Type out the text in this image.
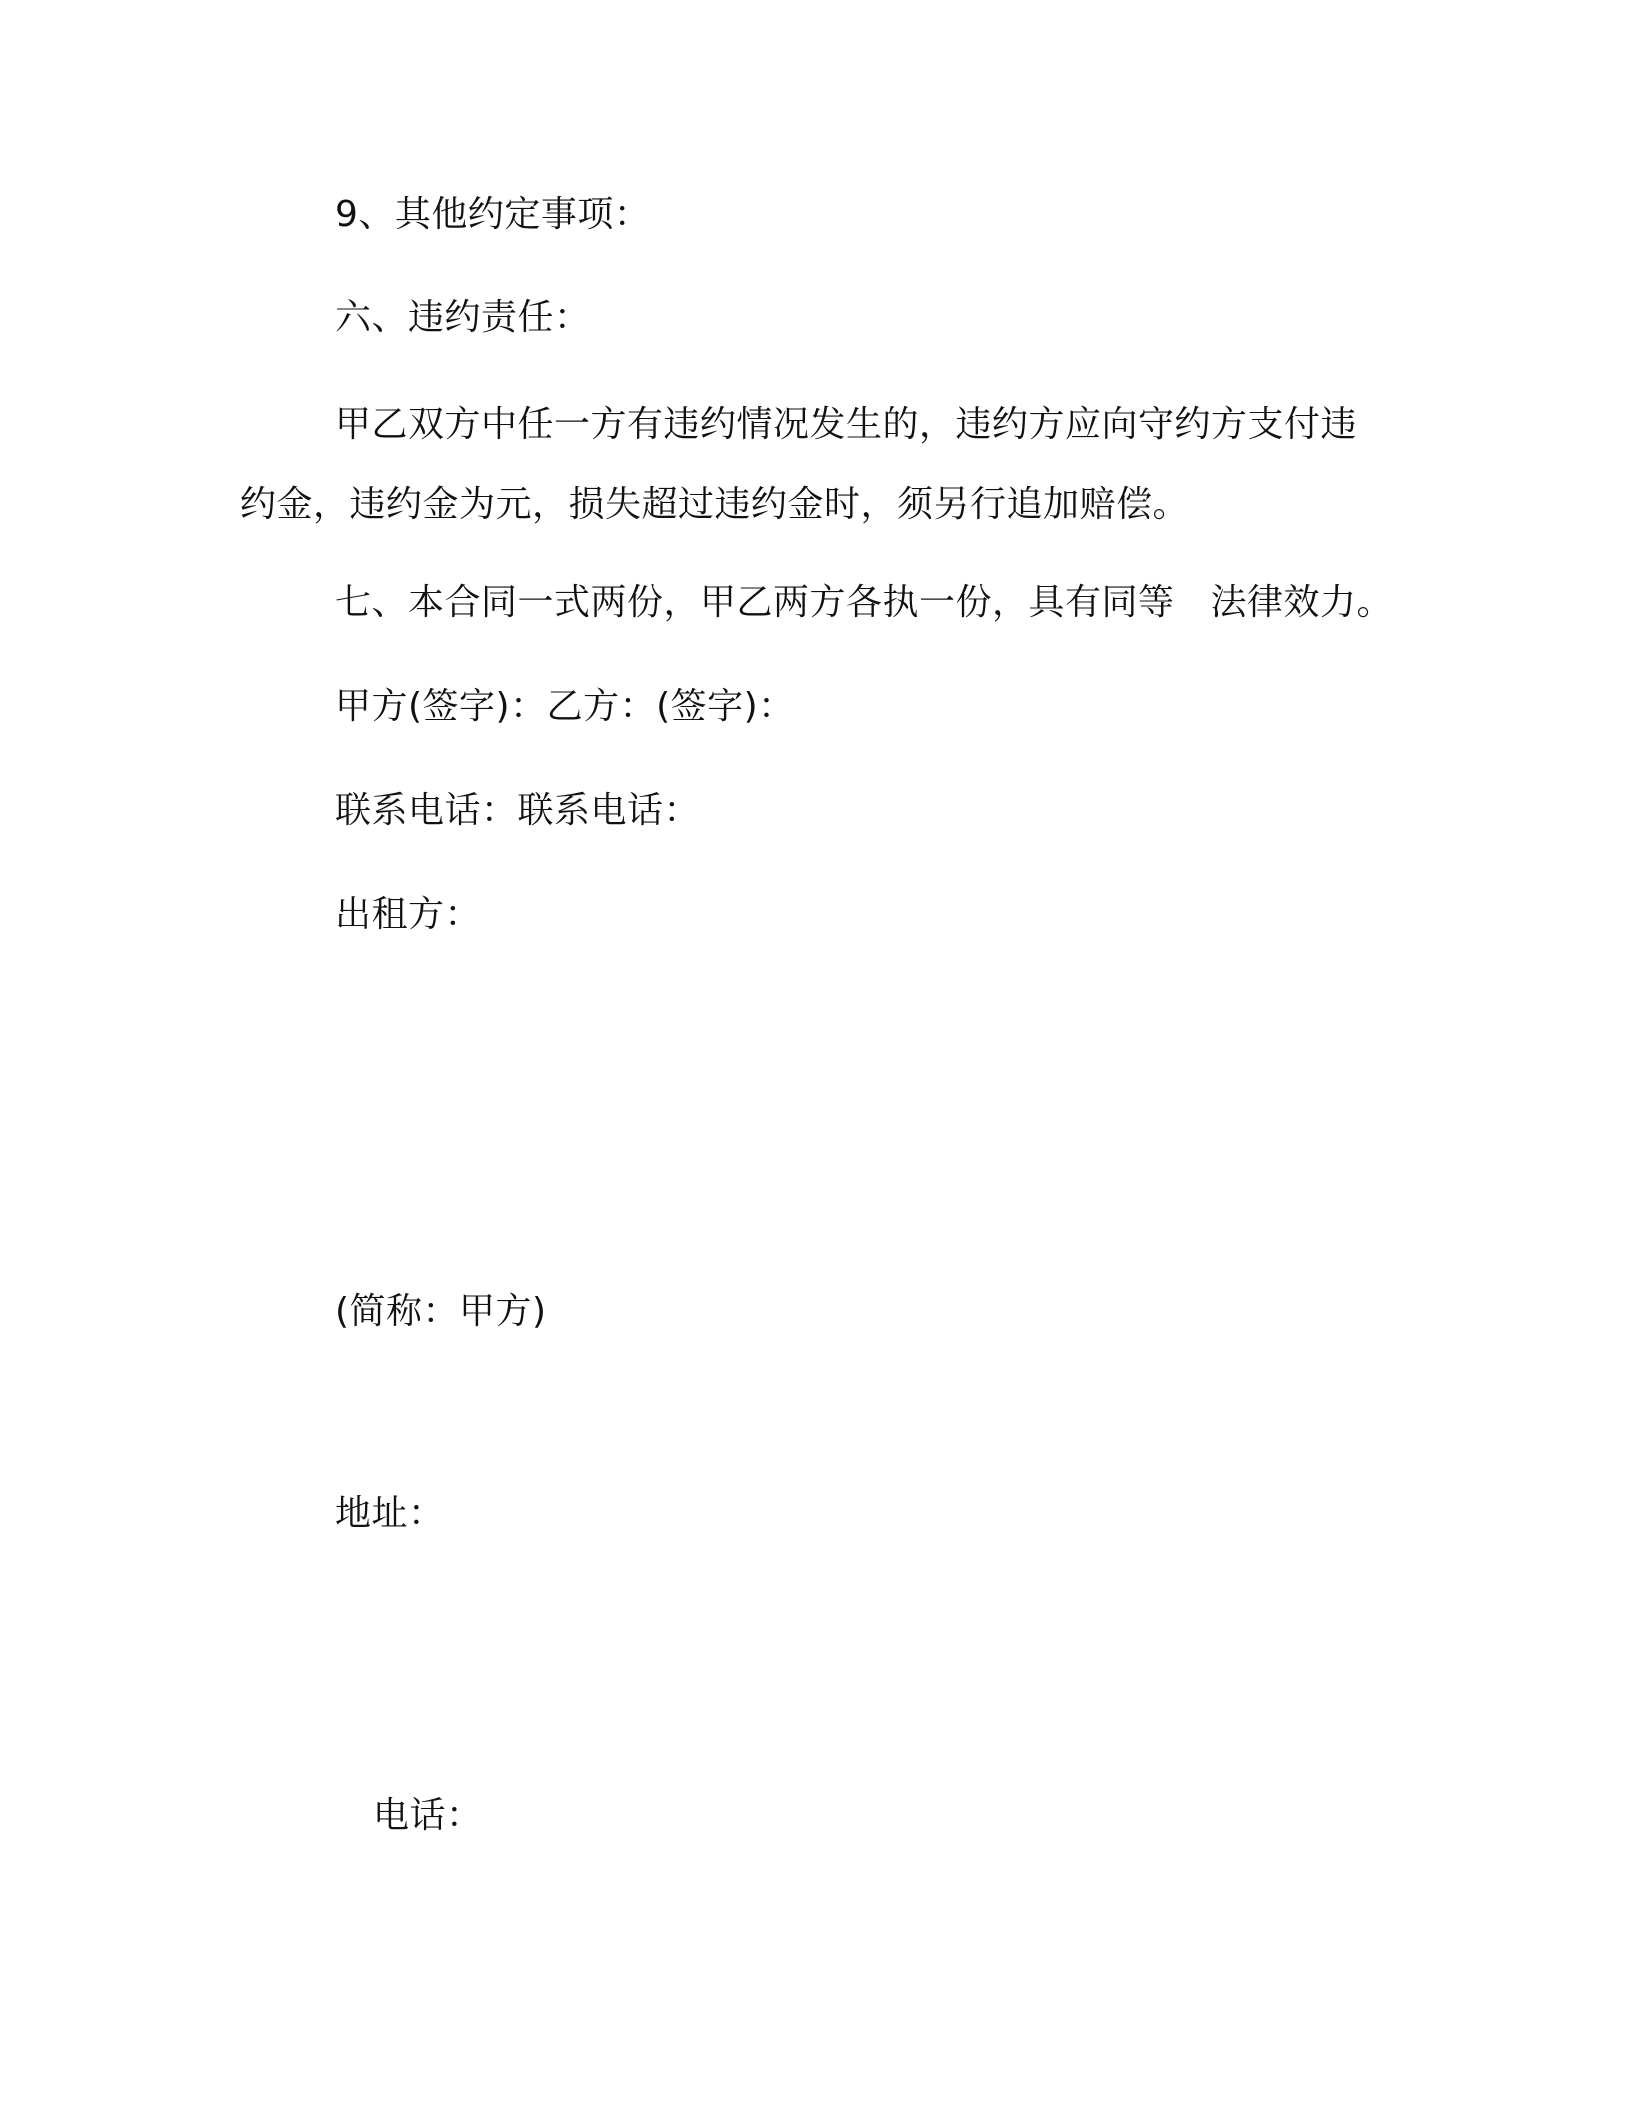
9、其他约定事项：

六、违约责任：

甲乙双方中任一方有违约情况发生的，违约方应向守约方支付违约金，违约金为元，损失超过违约金时，须另行追加赔偿。

七、本合同一式两份，甲乙两方各执一份，具有同等 法律效力。

甲方(签字)：乙方：(签字)：

联系电话：联系电话：

出租方：

(简称：甲方)

地址：

电话：
